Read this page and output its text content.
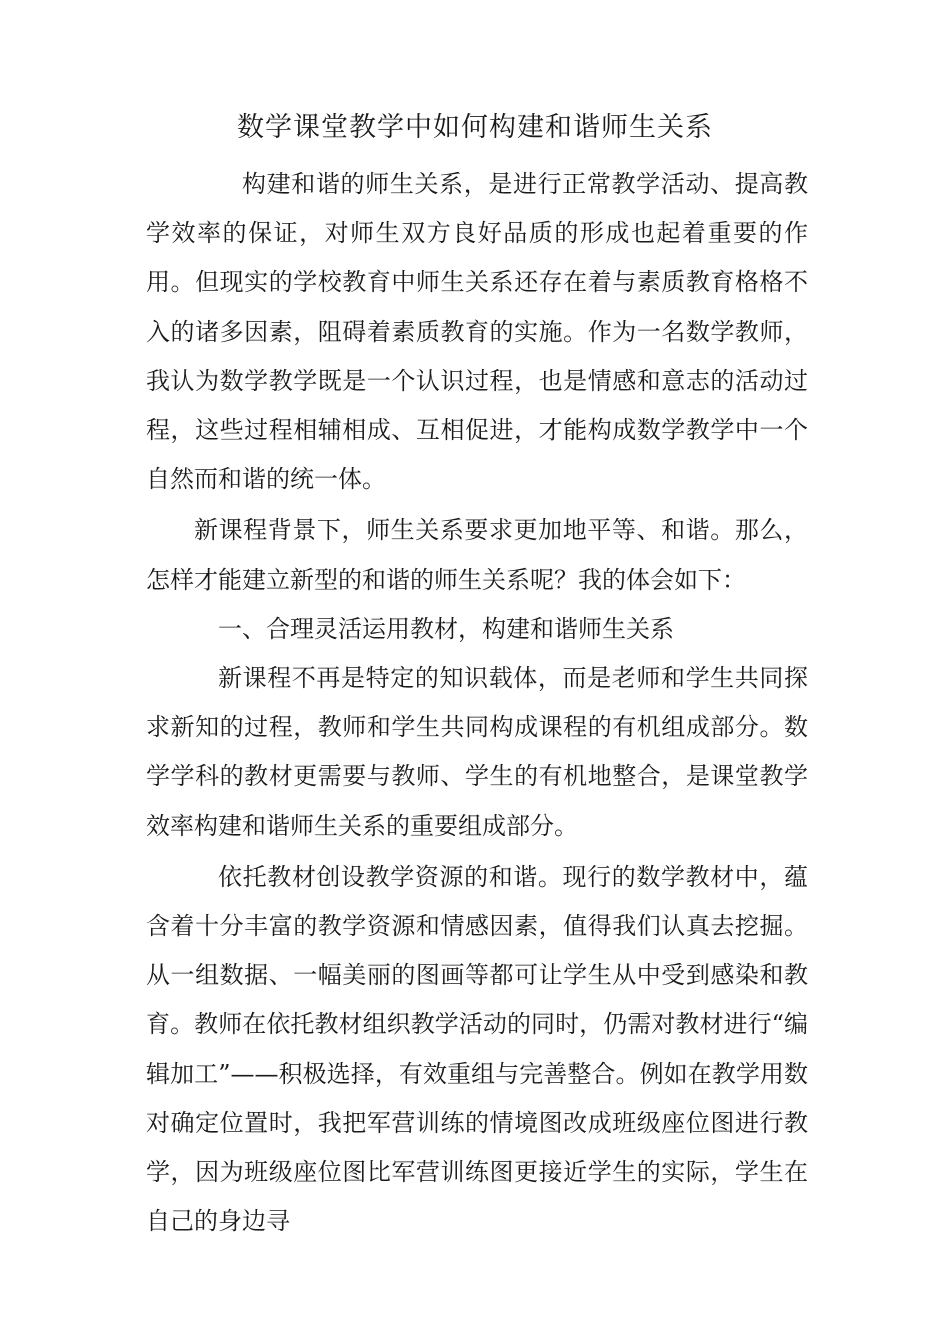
数学课堂教学中如何构建和谐师生关系

构建和谐的师生关系，是进行正常教学活动、提高教学效率的保证，对师生双方良好品质的形成也起着重要的作用。但现实的学校教育中师生关系还存在着与素质教育格格不入的诸多因素，阻碍着素质教育的实施。作为一名数学教师，我认为数学教学既是一个认识过程，也是情感和意志的活动过程，这些过程相辅相成、互相促进，才能构成数学教学中一个自然而和谐的统一体。

新课程背景下，师生关系要求更加地平等、和谐。那么，怎样才能建立新型的和谐的师生关系呢？我的体会如下：

一、合理灵活运用教材，构建和谐师生关系

新课程不再是特定的知识载体，而是老师和学生共同探求新知的过程，教师和学生共同构成课程的有机组成部分。数学学科的教材更需要与教师、学生的有机地整合，是课堂教学效率构建和谐师生关系的重要组成部分。

依托教材创设教学资源的和谐。现行的数学教材中，蕴含着十分丰富的教学资源和情感因素，值得我们认真去挖掘。从一组数据、一幅美丽的图画等都可让学生从中受到感染和教育。教师在依托教材组织教学活动的同时，仍需对教材进行“编辑加工”——积极选择，有效重组与完善整合。例如在教学用数对确定位置时，我把军营训练的情境图改成班级座位图进行教学，因为班级座位图比军营训练图更接近学生的实际，学生在自己的身边寻
